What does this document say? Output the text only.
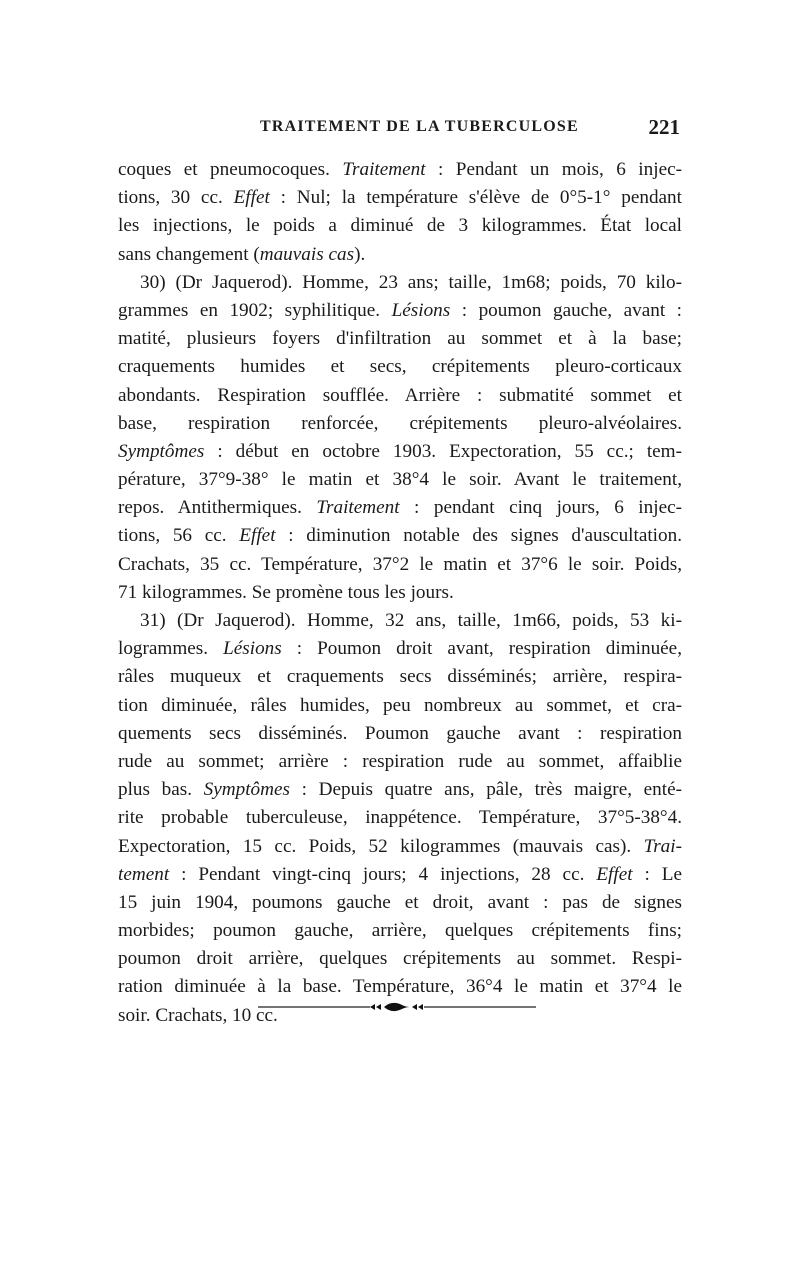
TRAITEMENT DE LA TUBERCULOSE	221
coques et pneumocoques. Traitement : Pendant un mois, 6 injec-
tions, 30 cc. Effet : Nul; la température s'élève de 0°5-1° pendant
les injections, le poids a diminué de 3 kilogrammes. État local
sans changement (mauvais cas).
30) (Dr Jaquerod). Homme, 23 ans; taille, 1m68; poids, 70 kilo-
grammes en 1902; syphilitique. Lésions : poumon gauche, avant :
matité, plusieurs foyers d'infiltration au sommet et à la base;
craquements humides et secs, crépitements pleuro-corticaux
abondants. Respiration soufflée. Arrière : submatité sommet et
base, respiration renforcée, crépitements pleuro-alvéolaires.
Symptômes : début en octobre 1903. Expectoration, 55 cc.; tem-
pérature, 37°9-38° le matin et 38°4 le soir. Avant le traitement,
repos. Antithermiques. Traitement : pendant cinq jours, 6 injec-
tions, 56 cc. Effet : diminution notable des signes d'auscultation.
Crachats, 35 cc. Température, 37°2 le matin et 37°6 le soir. Poids,
71 kilogrammes. Se promène tous les jours.
31) (Dr Jaquerod). Homme, 32 ans, taille, 1m66, poids, 53 ki-
logrammes. Lésions : Poumon droit avant, respiration diminuée,
râles muqueux et craquements secs disséminés; arrière, respira-
tion diminuée, râles humides, peu nombreux au sommet, et cra-
quements secs disséminés. Poumon gauche avant : respiration
rude au sommet; arrière : respiration rude au sommet, affaiblie
plus bas. Symptômes : Depuis quatre ans, pâle, très maigre, enté-
rite probable tuberculeuse, inappétence. Température, 37°5-38°4.
Expectoration, 15 cc. Poids, 52 kilogrammes (mauvais cas). Trai-
tement : Pendant vingt-cinq jours; 4 injections, 28 cc. Effet : Le
15 juin 1904, poumons gauche et droit, avant : pas de signes
morbides; poumon gauche, arrière, quelques crépitements fins;
poumon droit arrière, quelques crépitements au sommet. Respi-
ration diminuée à la base. Température, 36°4 le matin et 37°4 le
soir. Crachats, 10 cc.
